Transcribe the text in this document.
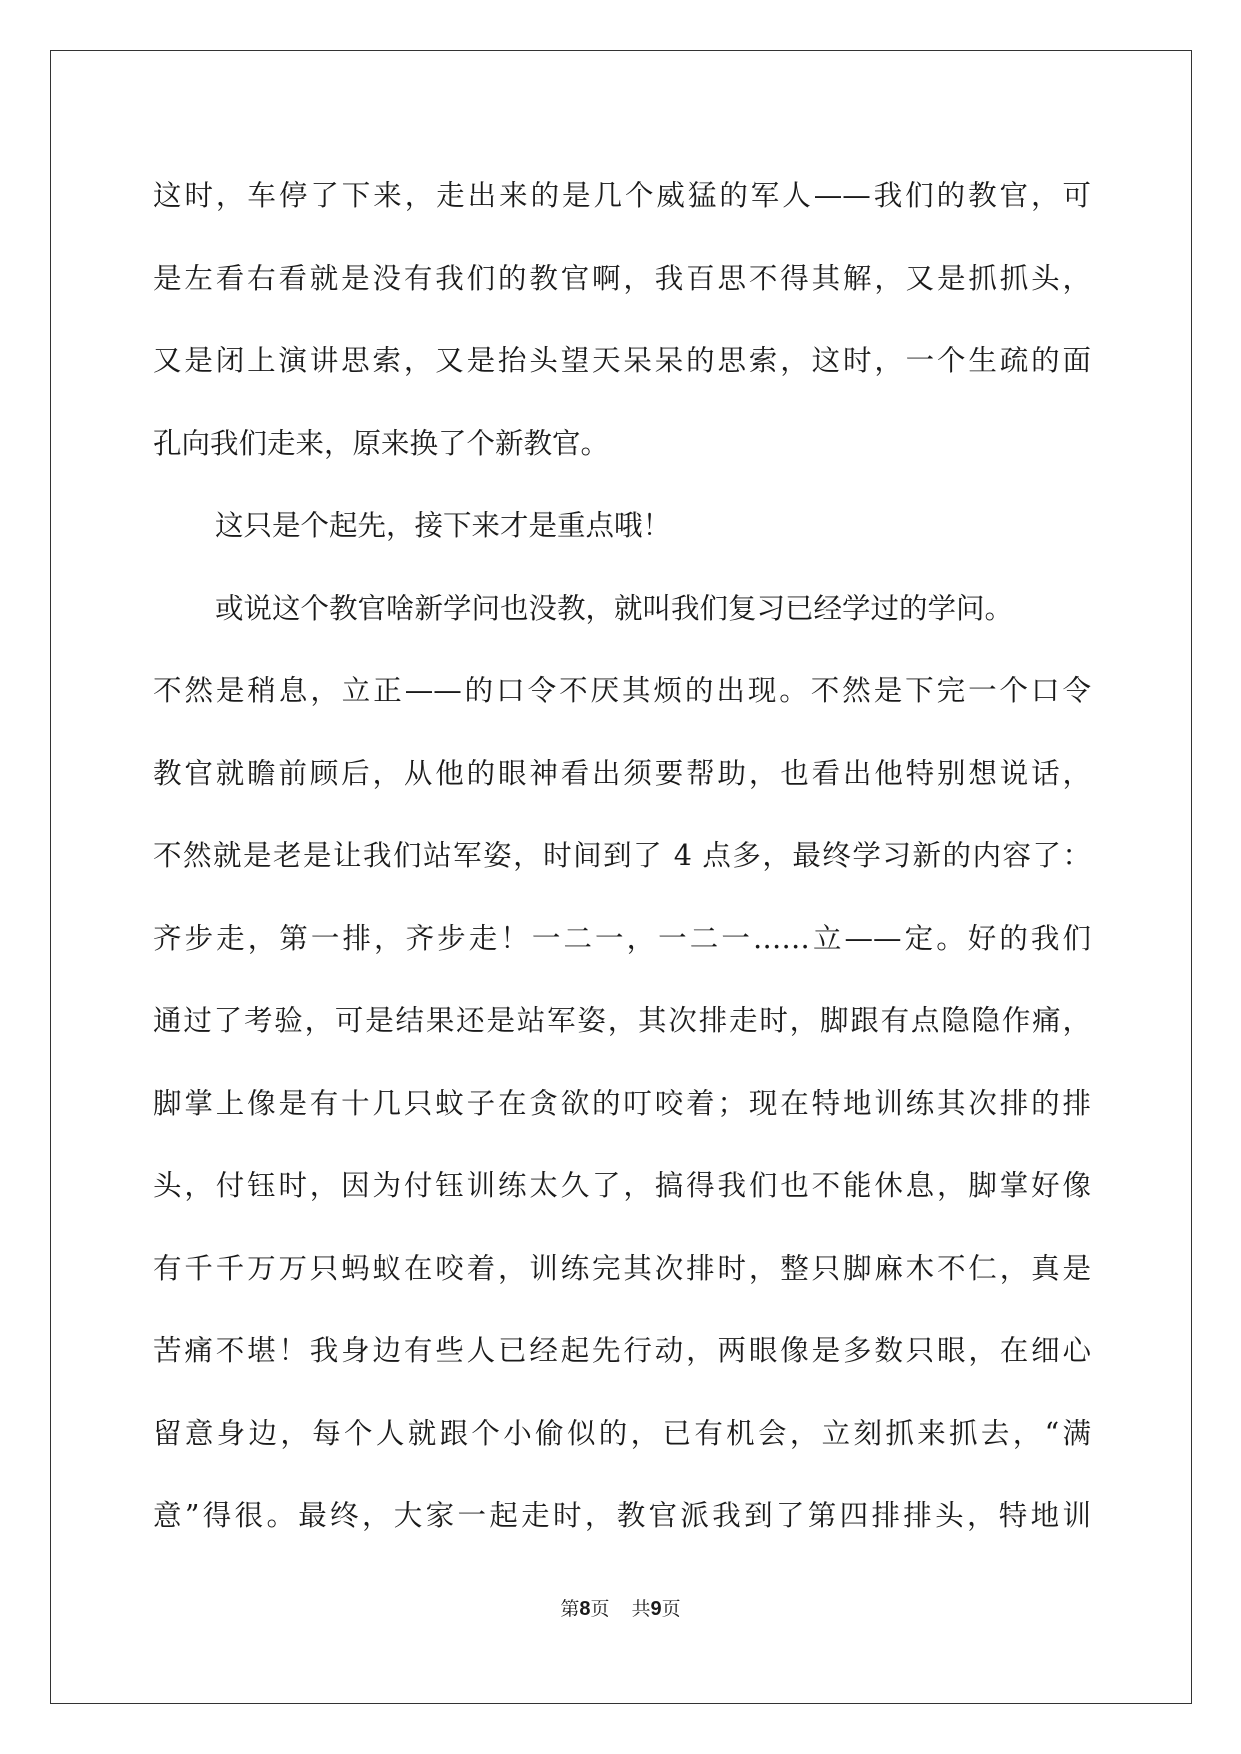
这时，车停了下来，走出来的是几个威猛的军人——我们的教官，可
是左看右看就是没有我们的教官啊，我百思不得其解，又是抓抓头，
又是闭上演讲思索，又是抬头望天呆呆的思索，这时，一个生疏的面
孔向我们走来，原来换了个新教官。
这只是个起先，接下来才是重点哦！
或说这个教官啥新学问也没教，就叫我们复习已经学过的学问。
不然是稍息，立正——的口令不厌其烦的出现。不然是下完一个口令
教官就瞻前顾后，从他的眼神看出须要帮助，也看出他特别想说话，
不然就是老是让我们站军姿，时间到了 4 点多，最终学习新的内容了：
齐步走，第一排，齐步走！一二一，一二一……立——定。好的我们
通过了考验，可是结果还是站军姿，其次排走时，脚跟有点隐隐作痛，
脚掌上像是有十几只蚊子在贪欲的叮咬着；现在特地训练其次排的排
头，付钰时，因为付钰训练太久了，搞得我们也不能休息，脚掌好像
有千千万万只蚂蚁在咬着，训练完其次排时，整只脚麻木不仁，真是
苦痛不堪！我身边有些人已经起先行动，两眼像是多数只眼，在细心
留意身边，每个人就跟个小偷似的，已有机会，立刻抓来抓去，“满
意”得很。最终，大家一起走时，教官派我到了第四排排头，特地训
第8页 共9页
